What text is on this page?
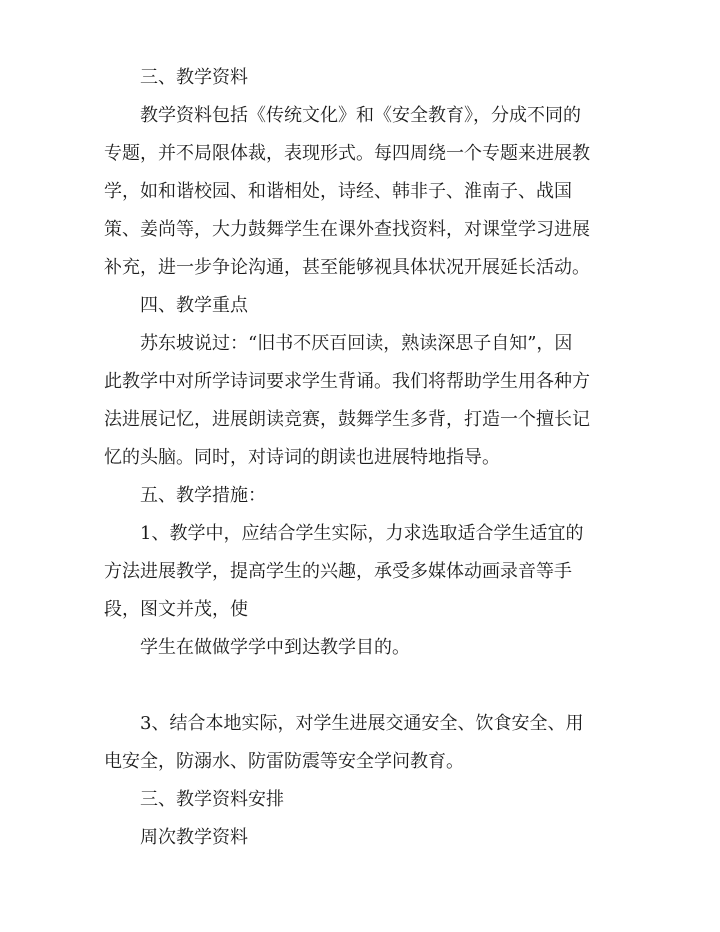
三、教学资料

教学资料包括《传统文化》和《安全教育》，分成不同的

专题，并不局限体裁，表现形式。每四周绕一个专题来进展教

学，如和谐校园、和谐相处，诗经、韩非子、淮南子、战国

策、姜尚等，大力鼓舞学生在课外查找资料，对课堂学习进展

补充，进一步争论沟通，甚至能够视具体状况开展延长活动。

四、教学重点

苏东坡说过：“旧书不厌百回读，熟读深思子自知”，因

此教学中对所学诗词要求学生背诵。我们将帮助学生用各种方

法进展记忆，进展朗读竞赛，鼓舞学生多背，打造一个擅长记

忆的头脑。同时，对诗词的朗读也进展特地指导。

五、教学措施：

1、教学中，应结合学生实际，力求选取适合学生适宜的

方法进展教学，提高学生的兴趣，承受多媒体动画录音等手

段，图文并茂，使

学生在做做学学中到达教学目的。

3、结合本地实际，对学生进展交通安全、饮食安全、用

电安全，防溺水、防雷防震等安全学问教育。

三、教学资料安排

周次教学资料
